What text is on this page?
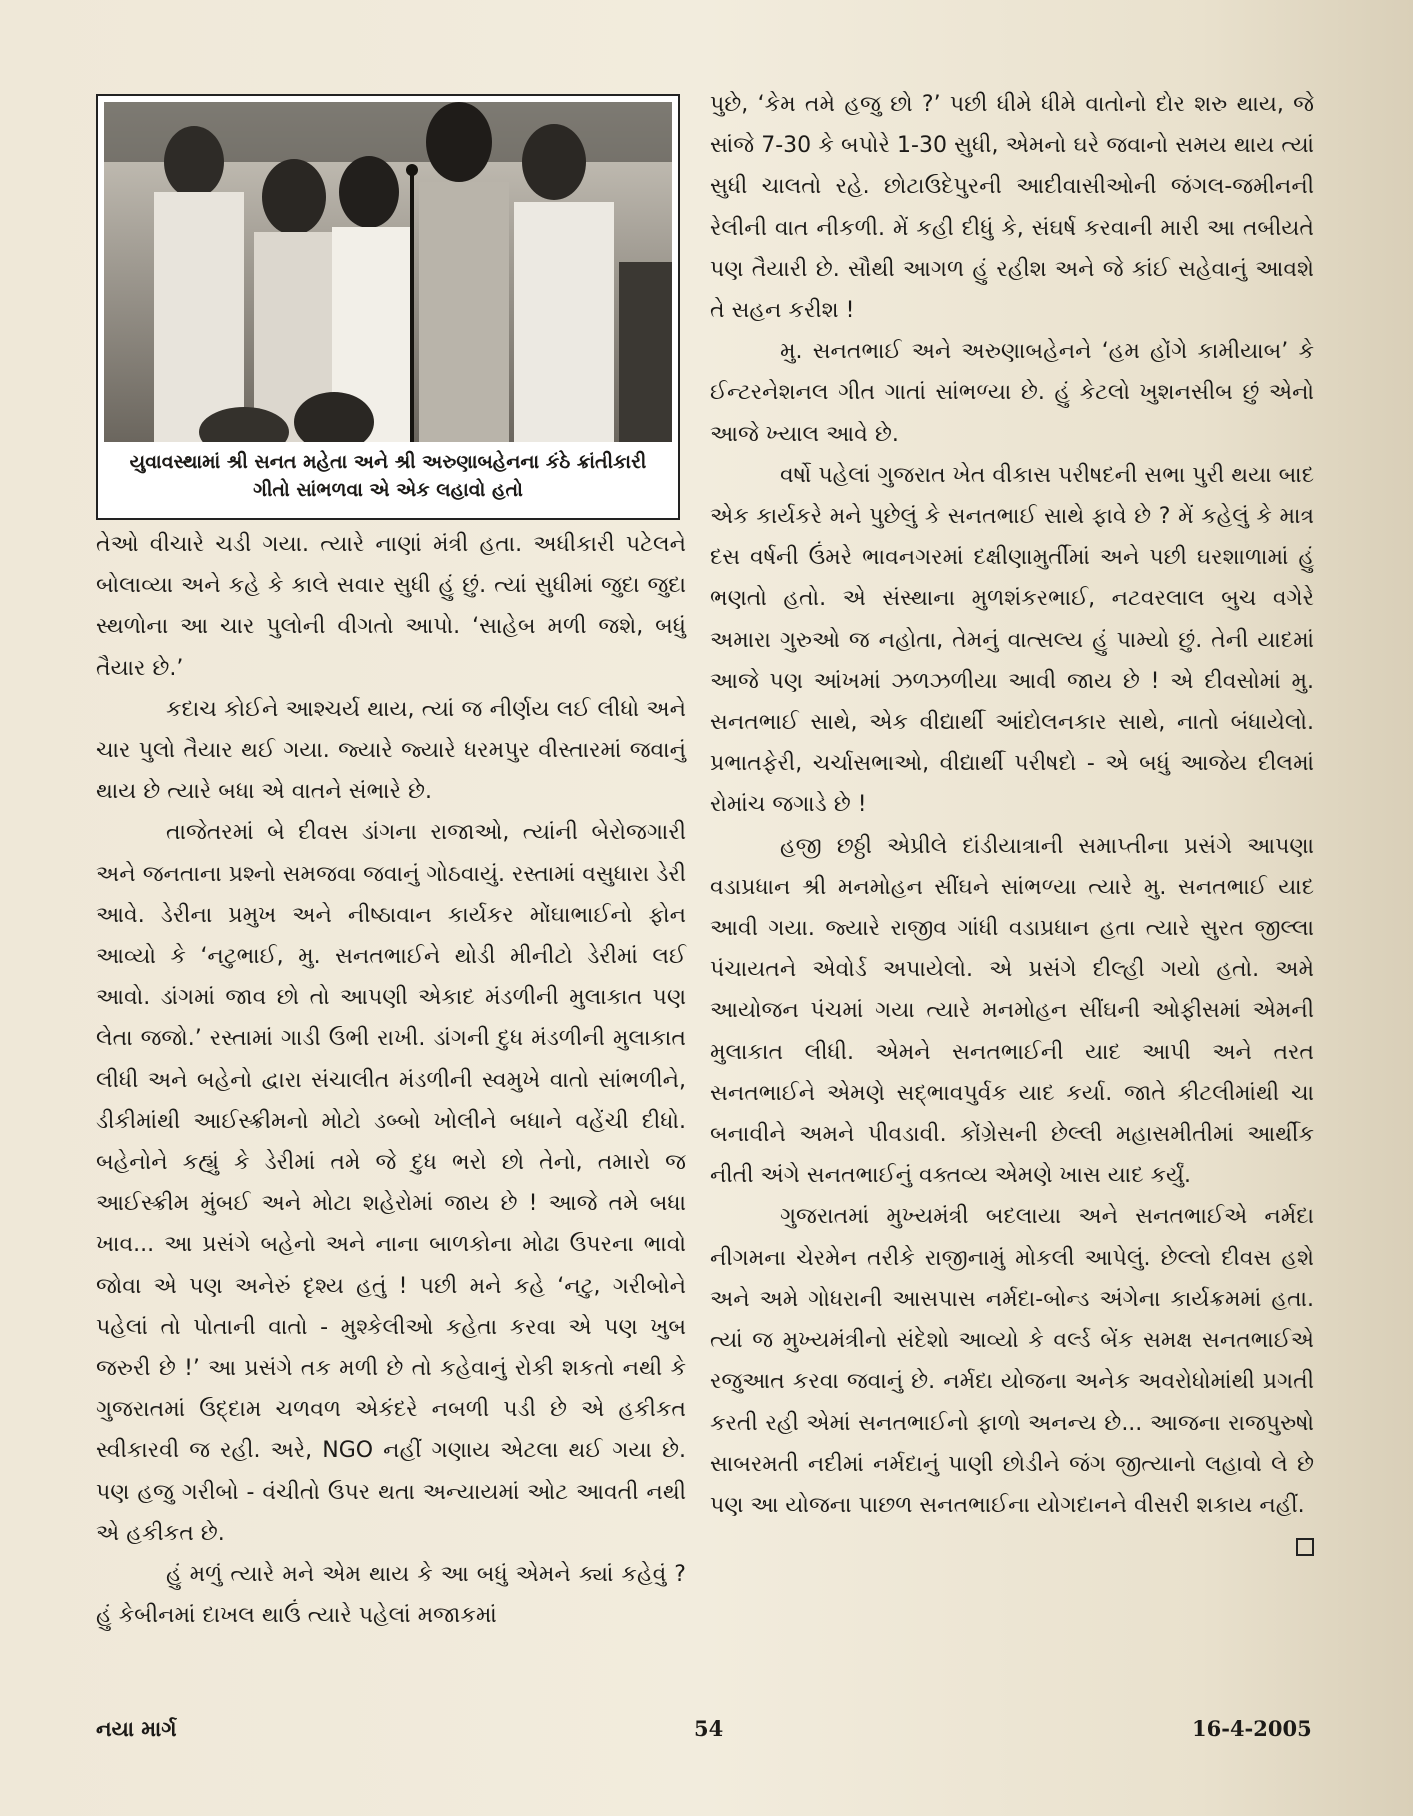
યુવાવસ્થામાં શ્રી સનત મહેતા અને શ્રી અરુણાબહેનના કંઠે ક્રાંતીકારી
ગીતો સાંભળવા એ એક લહાવો હતો

તેઓ વીચારે ચડી ગયા. ત્યારે નાણાં મંત્રી હતા. અધીકારી પટેલને બોલાવ્યા અને કહે કે કાલે સવાર સુધી હું છું. ત્યાં સુધીમાં જુદા જુદા સ્થળોના આ ચાર પુલોની વીગતો આપો. ‘સાહેબ મળી જશે, બધું તૈયાર છે.’

કદાચ કોઈને આશ્ચર્ય થાય, ત્યાં જ નીર્ણય લઈ લીધો અને ચાર પુલો તૈયાર થઈ ગયા. જ્યારે જ્યારે ધરમપુર વીસ્તારમાં જવાનું થાય છે ત્યારે બધા એ વાતને સંભારે છે.

તાજેતરમાં બે દીવસ ડાંગના રાજાઓ, ત્યાંની બેરોજગારી અને જનતાના પ્રશ્નો સમજવા જવાનું ગોઠવાયું. રસ્તામાં વસુધારા ડેરી આવે. ડેરીના પ્રમુખ અને નીષ્ઠાવાન કાર્યકર મોંઘાભાઈનો ફોન આવ્યો કે ‘નટુભાઈ, મુ. સનતભાઈને થોડી મીનીટો ડેરીમાં લઈ આવો. ડાંગમાં જાવ છો તો આપણી એકાદ મંડળીની મુલાકાત પણ લેતા જજો.’ રસ્તામાં ગાડી ઉભી રાખી. ડાંગની દુધ મંડળીની મુલાકાત લીધી અને બહેનો દ્વારા સંચાલીત મંડળીની સ્વમુખે વાતો સાંભળીને, ડીકીમાંથી આઈસ્ક્રીમનો મોટો ડબ્બો ખોલીને બધાને વહેંચી દીધો. બહેનોને કહ્યું કે ડેરીમાં તમે જે દુધ ભરો છો તેનો, તમારો જ આઈસ્ક્રીમ મુંબઈ અને મોટા શહેરોમાં જાય છે ! આજે તમે બધા ખાવ... આ પ્રસંગે બહેનો અને નાના બાળકોના મોઢા ઉપરના ભાવો જોવા એ પણ અનેરું દૃશ્ય હતું ! પછી મને કહે ‘નટુ, ગરીબોને પહેલાં તો પોતાની વાતો - મુશ્કેલીઓ કહેતા કરવા એ પણ ખુબ જરુરી છે !’ આ પ્રસંગે તક મળી છે તો કહેવાનું રોકી શકતો નથી કે ગુજરાતમાં ઉદ્દામ ચળવળ એકંદરે નબળી પડી છે એ હકીકત સ્વીકારવી જ રહી. અરે, NGO નહીં ગણાય એટલા થઈ ગયા છે. પણ હજુ ગરીબો - વંચીતો ઉપર થતા અન્યાયમાં ઓટ આવતી નથી એ હકીકત છે.

હું મળું ત્યારે મને એમ થાય કે આ બધું એમને ક્યાં કહેવું ? હું કેબીનમાં દાખલ થાઉં ત્યારે પહેલાં મજાકમાં

પુછે, ‘કેમ તમે હજુ છો ?’ પછી ધીમે ધીમે વાતોનો દોર શરુ થાય, જે સાંજે 7-30 કે બપોરે 1-30 સુધી, એમનો ઘરે જવાનો સમય થાય ત્યાં સુધી ચાલતો રહે. છોટાઉદેપુરની આદીવાસીઓની જંગલ-જમીનની રેલીની વાત નીકળી. મેં કહી દીધું કે, સંઘર્ષ કરવાની મારી આ તબીયતે પણ તૈયારી છે. સૌથી આગળ હું રહીશ અને જે કાંઈ સહેવાનું આવશે તે સહન કરીશ !

મુ. સનતભાઈ અને અરુણાબહેનને ‘હમ હોંગે કામીયાબ’ કે ઈન્ટરનેશનલ ગીત ગાતાં સાંભળ્યા છે. હું કેટલો ખુશનસીબ છું એનો આજે ખ્યાલ આવે છે.

વર્ષો પહેલાં ગુજરાત ખેત વીકાસ પરીષદની સભા પુરી થયા બાદ એક કાર્યકરે મને પુછેલું કે સનતભાઈ સાથે ફાવે છે ? મેં કહેલું કે માત્ર દસ વર્ષની ઉંમરે ભાવનગરમાં દક્ષીણામુર્તીમાં અને પછી ઘરશાળામાં હું ભણતો હતો. એ સંસ્થાના મુળશંકરભાઈ, નટવરલાલ બુચ વગેરે અમારા ગુરુઓ જ નહોતા, તેમનું વાત્સલ્ય હું પામ્યો છું. તેની યાદમાં આજે પણ આંખમાં ઝળઝળીયા આવી જાય છે ! એ દીવસોમાં મુ. સનતભાઈ સાથે, એક વીદ્યાર્થી આંદોલનકાર સાથે, નાતો બંધાયેલો. પ્રભાતફેરી, ચર્ચાસભાઓ, વીદ્યાર્થી પરીષદો - એ બધું આજેય દીલમાં રોમાંચ જગાડે છે !

હજી છઠ્ઠી એપ્રીલે દાંડીયાત્રાની સમાપ્તીના પ્રસંગે આપણા વડાપ્રધાન શ્રી મનમોહન સીંઘને સાંભળ્યા ત્યારે મુ. સનતભાઈ યાદ આવી ગયા. જ્યારે રાજીવ ગાંધી વડાપ્રધાન હતા ત્યારે સુરત જીલ્લા પંચાયતને એવોર્ડ અપાયેલો. એ પ્રસંગે દીલ્હી ગયો હતો. અમે આયોજન પંચમાં ગયા ત્યારે મનમોહન સીંઘની ઓફીસમાં એમની મુલાકાત લીધી. એમને સનતભાઈની યાદ આપી અને તરત સનતભાઈને એમણે સદ્ભાવપુર્વક યાદ કર્યા. જાતે કીટલીમાંથી ચા બનાવીને અમને પીવડાવી. કોંગ્રેસની છેલ્લી મહાસમીતીમાં આર્થીક નીતી અંગે સનતભાઈનું વક્તવ્ય એમણે ખાસ યાદ કર્યું.

ગુજરાતમાં મુખ્યમંત્રી બદલાયા અને સનતભાઈએ નર્મદા નીગમના ચેરમેન તરીકે રાજીનામું મોકલી આપેલું. છેલ્લો દીવસ હશે અને અમે ગોધરાની આસપાસ નર્મદા-બોન્ડ અંગેના કાર્યક્રમમાં હતા. ત્યાં જ મુખ્યમંત્રીનો સંદેશો આવ્યો કે વર્લ્ડ બેંક સમક્ષ સનતભાઈએ રજુઆત કરવા જવાનું છે. નર્મદા યોજના અનેક અવરોધોમાંથી પ્રગતી કરતી રહી એમાં સનતભાઈનો ફાળો અનન્ય છે... આજના રાજપુરુષો સાબરમતી નદીમાં નર્મદાનું પાણી છોડીને જંગ જીત્યાનો લહાવો લે છે પણ આ યોજના પાછળ સનતભાઈના યોગદાનને વીસરી શકાય નહીં.

નયા માર્ગ	54	16-4-2005
